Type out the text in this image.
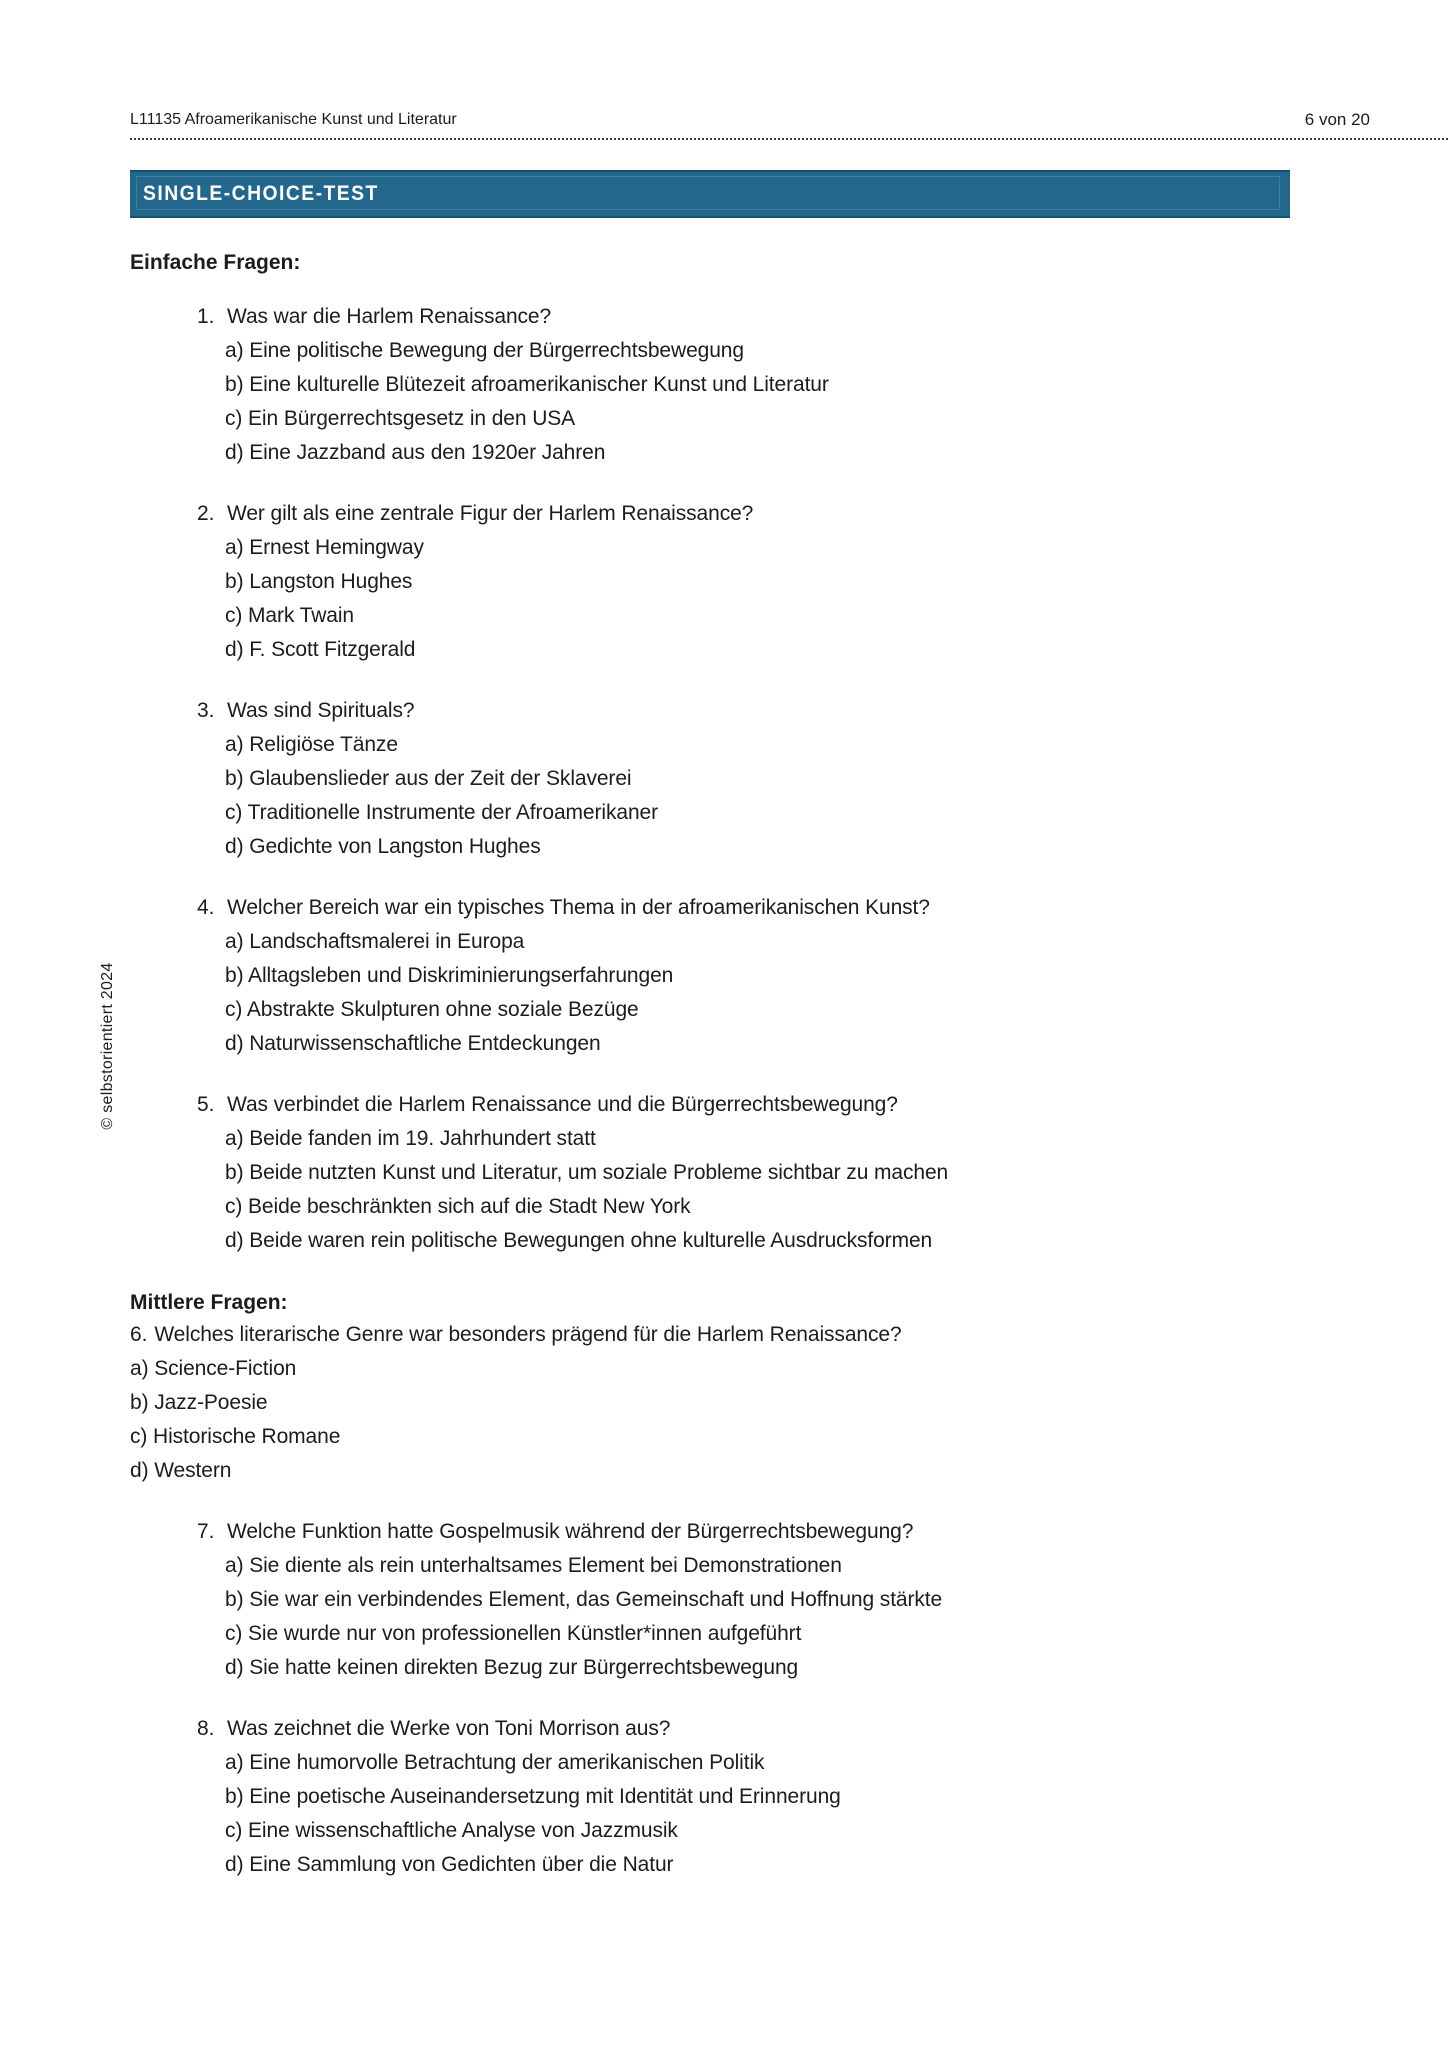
L11135 Afroamerikanische Kunst und Literatur	6 von 20
SINGLE-CHOICE-TEST
Einfache Fragen:
1. Was war die Harlem Renaissance?
a) Eine politische Bewegung der Bürgerrechtsbewegung
b) Eine kulturelle Blütezeit afroamerikanischer Kunst und Literatur
c) Ein Bürgerrechtsgesetz in den USA
d) Eine Jazzband aus den 1920er Jahren
2. Wer gilt als eine zentrale Figur der Harlem Renaissance?
a) Ernest Hemingway
b) Langston Hughes
c) Mark Twain
d) F. Scott Fitzgerald
3. Was sind Spirituals?
a) Religiöse Tänze
b) Glaubenslieder aus der Zeit der Sklaverei
c) Traditionelle Instrumente der Afroamerikaner
d) Gedichte von Langston Hughes
4. Welcher Bereich war ein typisches Thema in der afroamerikanischen Kunst?
a) Landschaftsmalerei in Europa
b) Alltagsleben und Diskriminierungserfahrungen
c) Abstrakte Skulpturen ohne soziale Bezüge
d) Naturwissenschaftliche Entdeckungen
5. Was verbindet die Harlem Renaissance und die Bürgerrechtsbewegung?
a) Beide fanden im 19. Jahrhundert statt
b) Beide nutzten Kunst und Literatur, um soziale Probleme sichtbar zu machen
c) Beide beschränkten sich auf die Stadt New York
d) Beide waren rein politische Bewegungen ohne kulturelle Ausdrucksformen
Mittlere Fragen:
6. Welches literarische Genre war besonders prägend für die Harlem Renaissance?
a) Science-Fiction
b) Jazz-Poesie
c) Historische Romane
d) Western
7. Welche Funktion hatte Gospelmusik während der Bürgerrechtsbewegung?
a) Sie diente als rein unterhaltsames Element bei Demonstrationen
b) Sie war ein verbindendes Element, das Gemeinschaft und Hoffnung stärkte
c) Sie wurde nur von professionellen Künstler*innen aufgeführt
d) Sie hatte keinen direkten Bezug zur Bürgerrechtsbewegung
8. Was zeichnet die Werke von Toni Morrison aus?
a) Eine humorvolle Betrachtung der amerikanischen Politik
b) Eine poetische Auseinandersetzung mit Identität und Erinnerung
c) Eine wissenschaftliche Analyse von Jazzmusik
d) Eine Sammlung von Gedichten über die Natur
© selbstorientiert 2024
